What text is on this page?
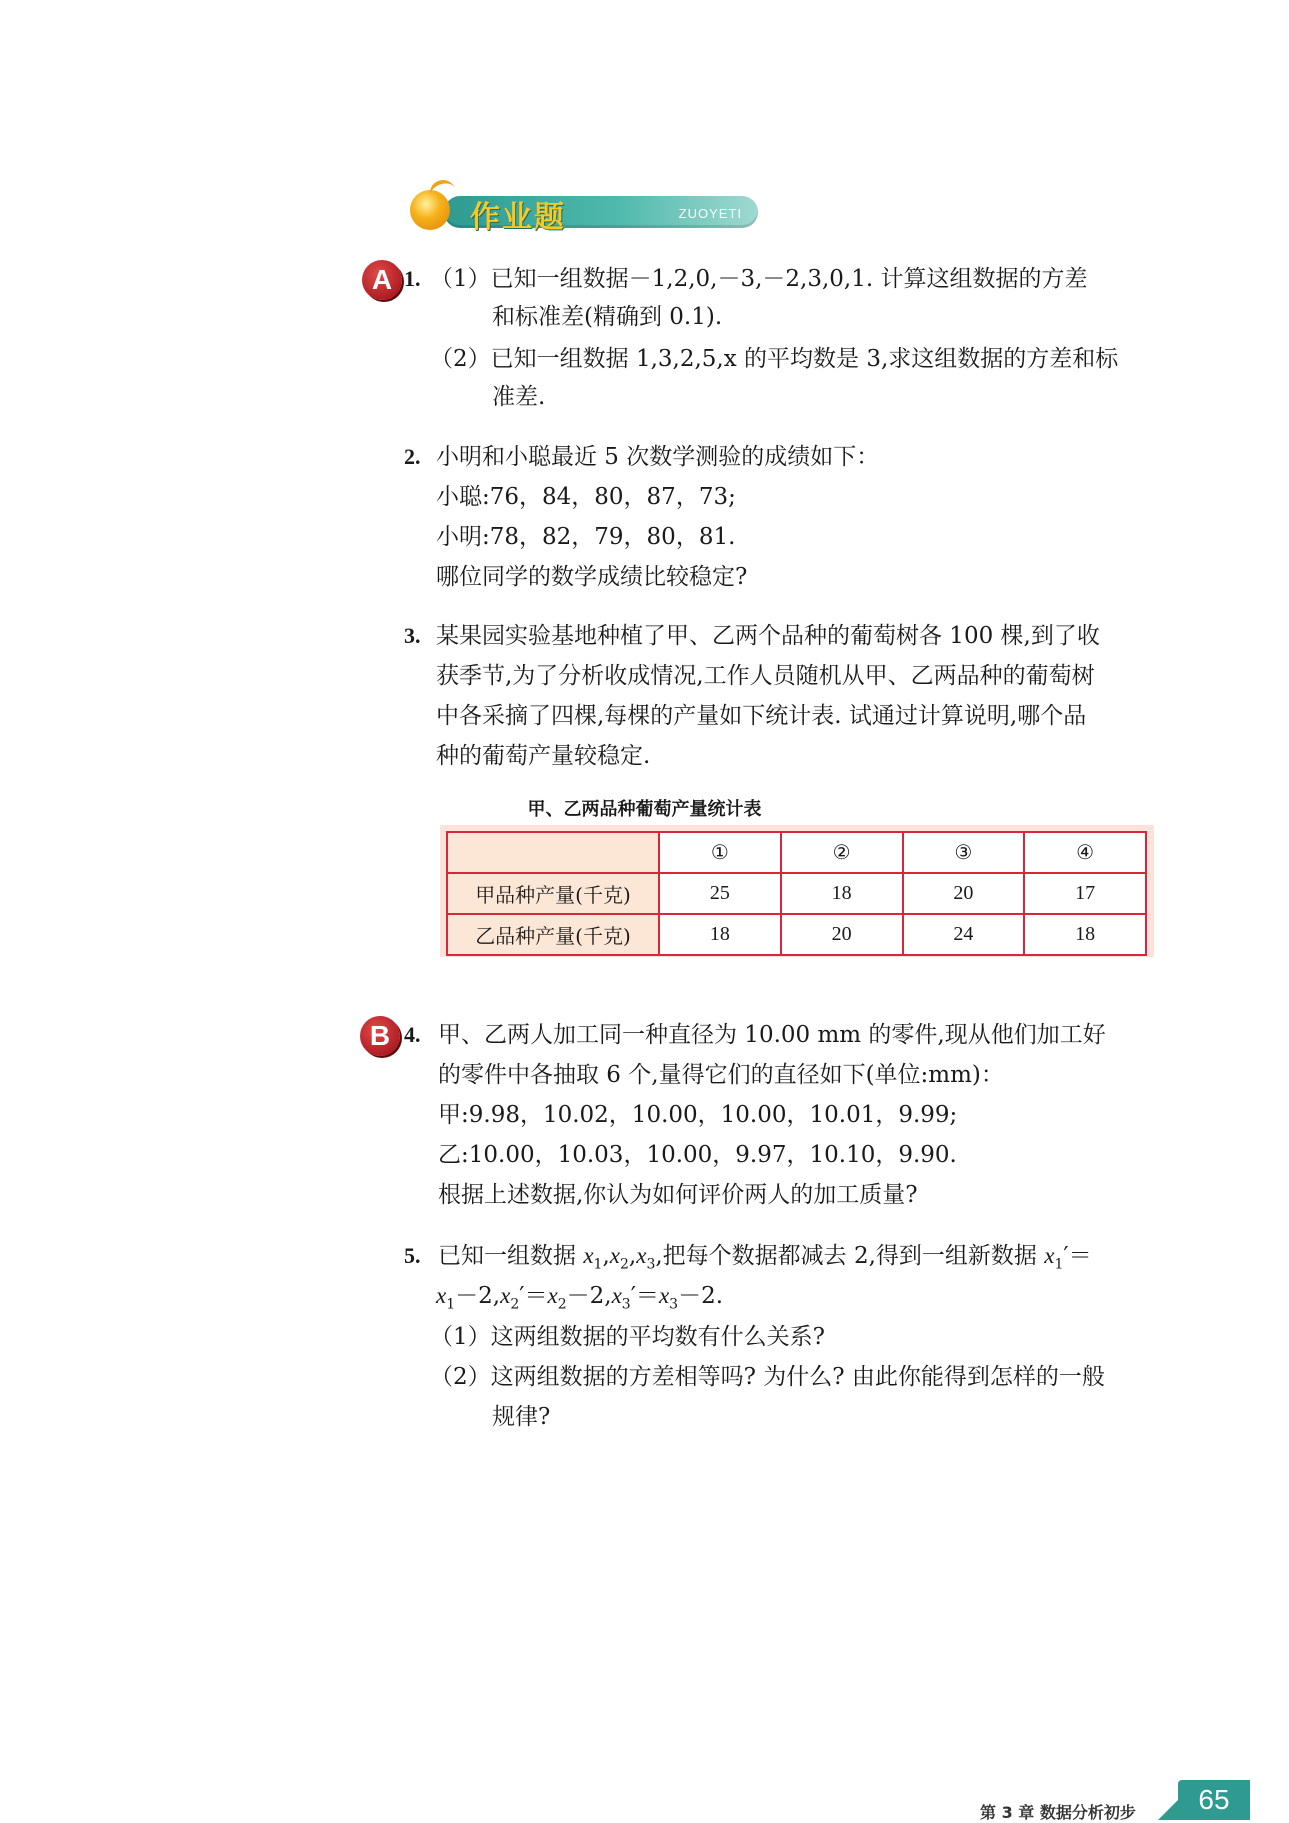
作业题	ZUOYETI
A 1. （1）已知一组数据－1,2,0,－3,－2,3,0,1. 计算这组数据的方差
和标准差(精确到 0.1).
（2）已知一组数据 1,3,2,5,x 的平均数是 3,求这组数据的方差和标
准差.
2. 小明和小聪最近 5 次数学测验的成绩如下：
小聪:76，84，80，87，73;
小明:78，82，79，80，81.
哪位同学的数学成绩比较稳定?
3. 某果园实验基地种植了甲、乙两个品种的葡萄树各 100 棵,到了收
获季节,为了分析收成情况,工作人员随机从甲、乙两品种的葡萄树
中各采摘了四棵,每棵的产量如下统计表. 试通过计算说明,哪个品
种的葡萄产量较稳定.
甲、乙两品种葡萄产量统计表
	①	②	③	④
甲品种产量(千克)	25	18	20	17
乙品种产量(千克)	18	20	24	18
B 4. 甲、乙两人加工同一种直径为 10.00 mm 的零件,现从他们加工好
的零件中各抽取 6 个,量得它们的直径如下(单位:mm)：
甲:9.98，10.02，10.00，10.00，10.01，9.99;
乙:10.00，10.03，10.00，9.97，10.10，9.90.
根据上述数据,你认为如何评价两人的加工质量?
5. 已知一组数据 $x_1,x_2,x_3$,把每个数据都减去 2,得到一组新数据 $x_1'=$
$x_1-2,x_2'=x_2-2,x_3'=x_3-2$.
（1）这两组数据的平均数有什么关系?
（2）这两组数据的方差相等吗? 为什么? 由此你能得到怎样的一般
规律?
第 3 章 数据分析初步	65
